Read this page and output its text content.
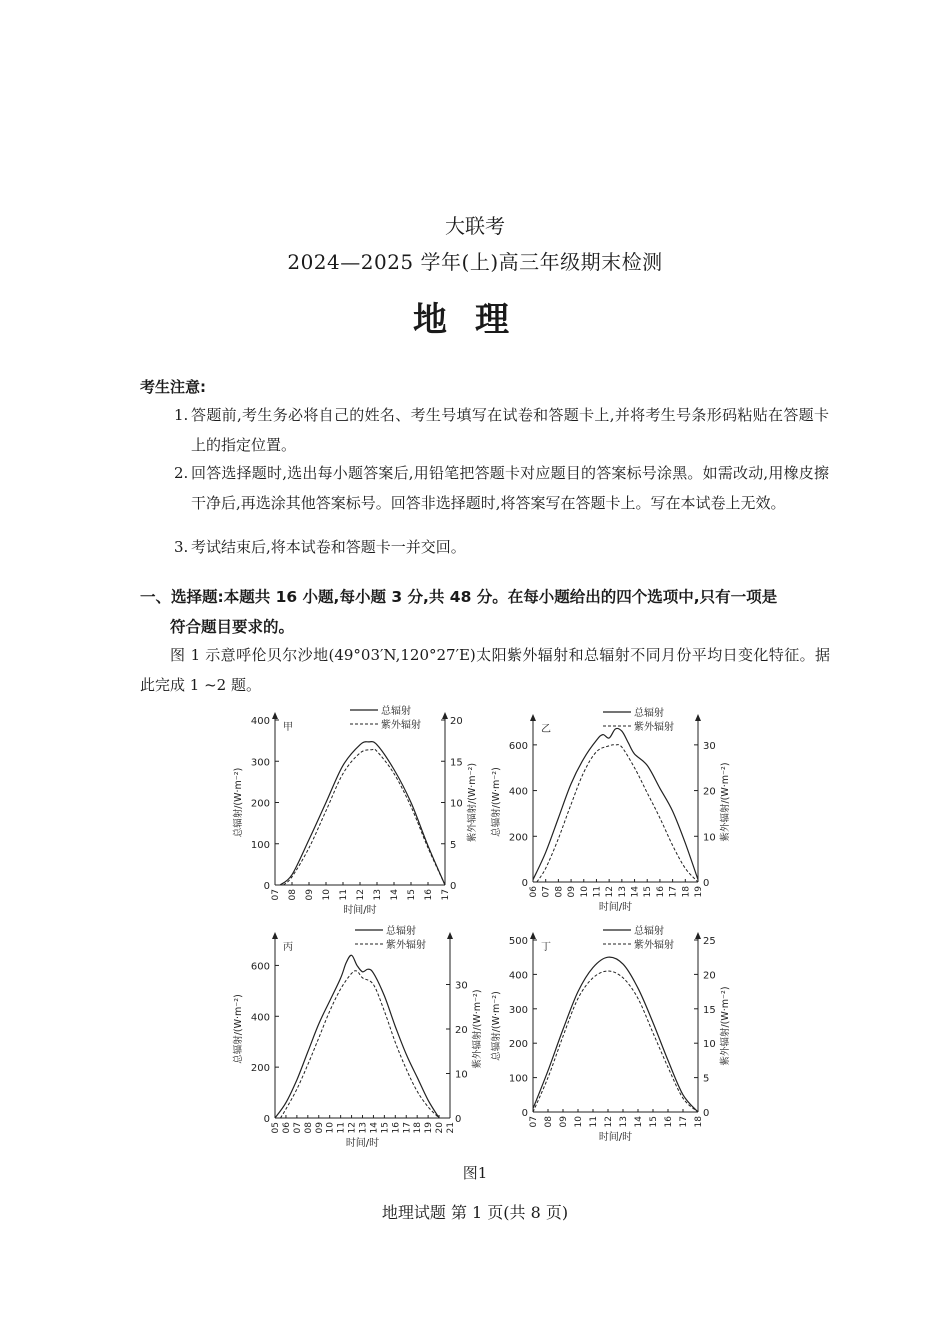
大联考
2024—2025 学年(上)高三年级期末检测
地理
考生注意:
1. 答题前,考生务必将自己的姓名、考生号填写在试卷和答题卡上,并将考生号条形码粘贴在答题卡上的指定位置。
2. 回答选择题时,选出每小题答案后,用铅笔把答题卡对应题目的答案标号涂黑。如需改动,用橡皮擦干净后,再选涂其他答案标号。回答非选择题时,将答案写在答题卡上。写在本试卷上无效。
3. 考试结束后,将本试卷和答题卡一并交回。
一、选择题:本题共 16 小题,每小题 3 分,共 48 分。在每小题给出的四个选项中,只有一项是
符合题目要求的。
图 1 示意呼伦贝尔沙地(49°03′N,120°27′E)太阳紫外辐射和总辐射不同月份平均日变化特征。据此完成 1 ~2 题。
0
100
200
300
400
0
5
10
15
20
07 08 09 10 11 12 13 14 15 16 17
时间/时
总辐射/(W·m⁻²)	紫外辐射/(W·m⁻²)
甲
总辐射
紫外辐射
0
200
400
600
0
10
20
30
06 07 08 09 10 11 12 13 14 15 16 17 18 19
时间/时
总辐射/(W·m⁻²)	紫外辐射/(W·m⁻²)
乙
总辐射
紫外辐射
0
200
400
600
0
10
20
30
05 06 07 08 09 10 11 12 13 14 15 16 17 18 19 20 21
时间/时
总辐射/(W·m⁻²)	紫外辐射/(W·m⁻²)
丙
总辐射
紫外辐射
0
100
200
300
400
500
0
5
10
15
20
25
07 08 09 10 11 12 13 14 15 16 17 18
时间/时
总辐射/(W·m⁻²)	紫外辐射/(W·m⁻²)
丁
总辐射
紫外辐射
图1
地理试题 第 1 页(共 8 页)
